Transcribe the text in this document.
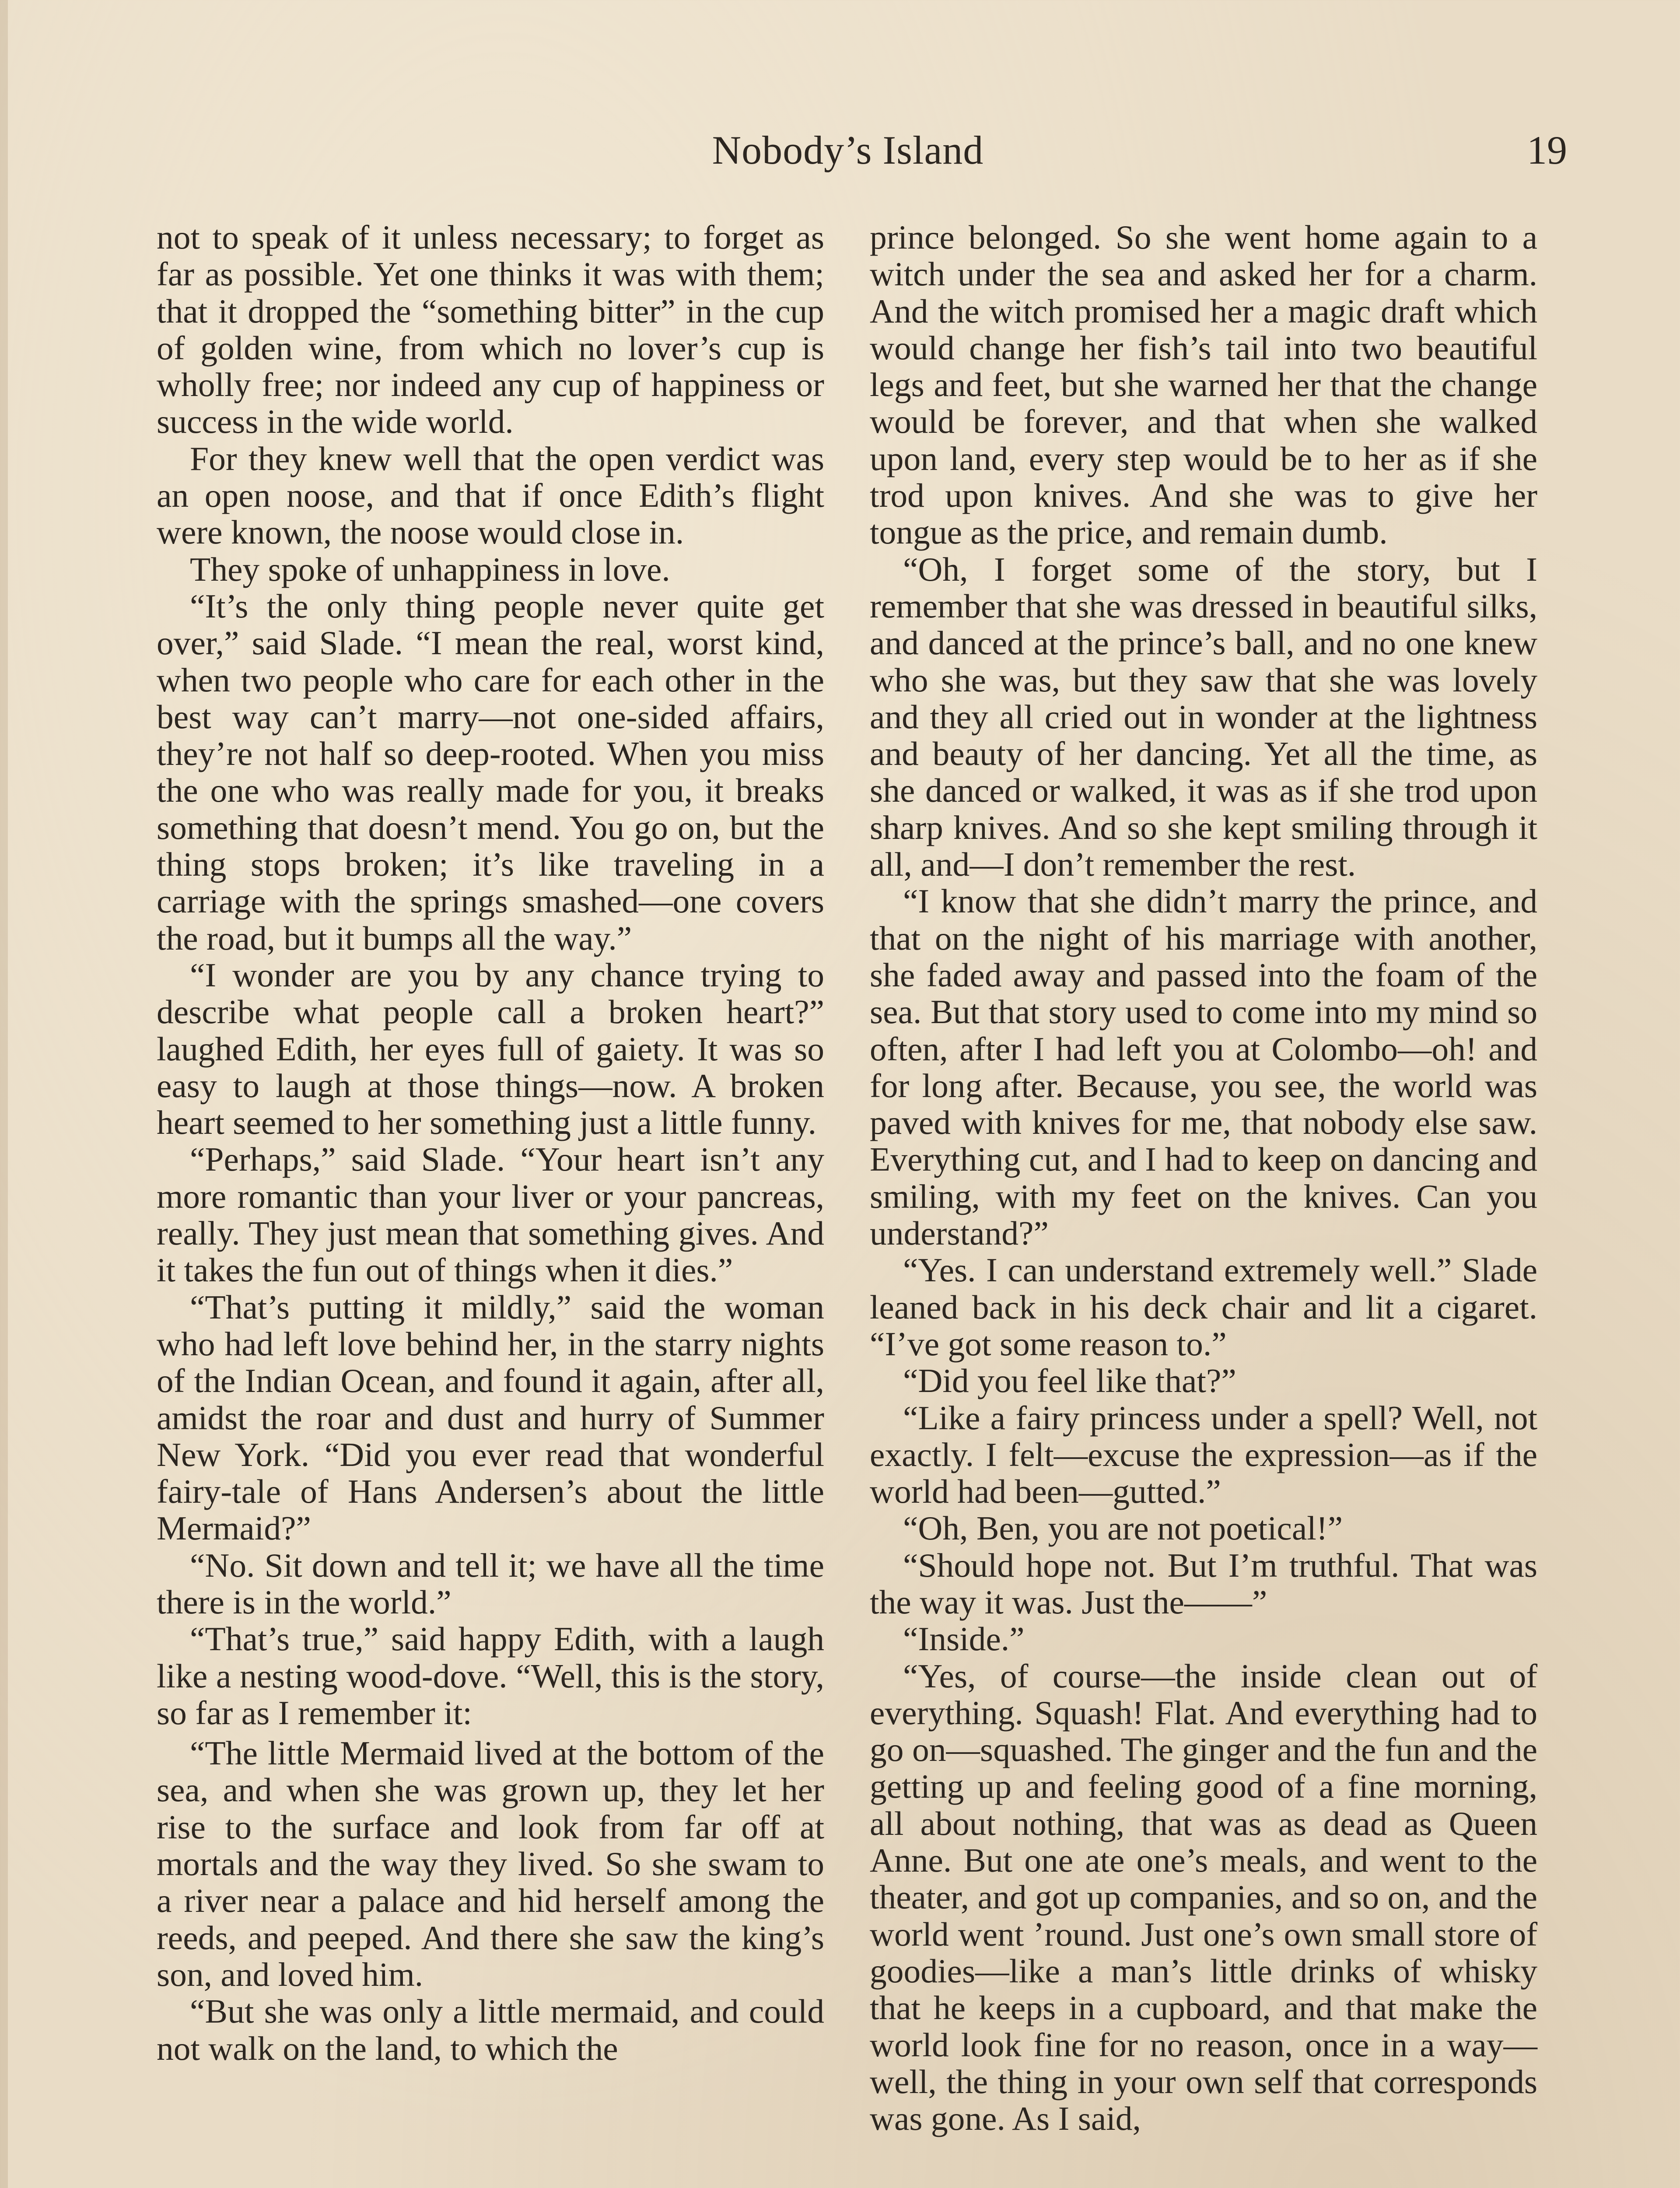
Nobody’s Island	19

not to speak of it unless necessary; to forget as far as possible. Yet one thinks it was with them; that it dropped the “something bitter” in the cup of golden wine, from which no lover’s cup is wholly free; nor indeed any cup of happiness or success in the wide world.

For they knew well that the open verdict was an open noose, and that if once Edith’s flight were known, the noose would close in.

They spoke of unhappiness in love.

“It’s the only thing people never quite get over,” said Slade. “I mean the real, worst kind, when two people who care for each other in the best way can’t marry—not one-sided affairs, they’re not half so deep-rooted. When you miss the one who was really made for you, it breaks something that doesn’t mend. You go on, but the thing stops broken; it’s like traveling in a carriage with the springs smashed—one covers the road, but it bumps all the way.”

“I wonder are you by any chance trying to describe what people call a broken heart?” laughed Edith, her eyes full of gaiety. It was so easy to laugh at those things—now. A broken heart seemed to her something just a little funny.

“Perhaps,” said Slade. “Your heart isn’t any more romantic than your liver or your pancreas, really. They just mean that something gives. And it takes the fun out of things when it dies.”

“That’s putting it mildly,” said the woman who had left love behind her, in the starry nights of the Indian Ocean, and found it again, after all, amidst the roar and dust and hurry of Summer New York. “Did you ever read that wonderful fairy-tale of Hans Andersen’s about the little Mermaid?”

“No. Sit down and tell it; we have all the time there is in the world.”

“That’s true,” said happy Edith, with a laugh like a nesting wood-dove. “Well, this is the story, so far as I remember it:

“The little Mermaid lived at the bottom of the sea, and when she was grown up, they let her rise to the surface and look from far off at mortals and the way they lived. So she swam to a river near a palace and hid herself among the reeds, and peeped. And there she saw the king’s son, and loved him.

“But she was only a little mermaid, and could not walk on the land, to which the

prince belonged. So she went home again to a witch under the sea and asked her for a charm. And the witch promised her a magic draft which would change her fish’s tail into two beautiful legs and feet, but she warned her that the change would be forever, and that when she walked upon land, every step would be to her as if she trod upon knives. And she was to give her tongue as the price, and remain dumb.

“Oh, I forget some of the story, but I remember that she was dressed in beautiful silks, and danced at the prince’s ball, and no one knew who she was, but they saw that she was lovely and they all cried out in wonder at the lightness and beauty of her dancing. Yet all the time, as she danced or walked, it was as if she trod upon sharp knives. And so she kept smiling through it all, and—I don’t remember the rest.

“I know that she didn’t marry the prince, and that on the night of his marriage with another, she faded away and passed into the foam of the sea. But that story used to come into my mind so often, after I had left you at Colombo—oh! and for long after. Because, you see, the world was paved with knives for me, that nobody else saw. Everything cut, and I had to keep on dancing and smiling, with my feet on the knives. Can you understand?”

“Yes. I can understand extremely well.” Slade leaned back in his deck chair and lit a cigaret. “I’ve got some reason to.”

“Did you feel like that?”

“Like a fairy princess under a spell? Well, not exactly. I felt—excuse the expression—as if the world had been—gutted.”

“Oh, Ben, you are not poetical!”

“Should hope not. But I’m truthful. That was the way it was. Just the——”

“Inside.”

“Yes, of course—the inside clean out of everything. Squash! Flat. And everything had to go on—squashed. The ginger and the fun and the getting up and feeling good of a fine morning, all about nothing, that was as dead as Queen Anne. But one ate one’s meals, and went to the theater, and got up companies, and so on, and the world went ’round. Just one’s own small store of goodies—like a man’s little drinks of whisky that he keeps in a cupboard, and that make the world look fine for no reason, once in a way—well, the thing in your own self that corresponds was gone. As I said,
